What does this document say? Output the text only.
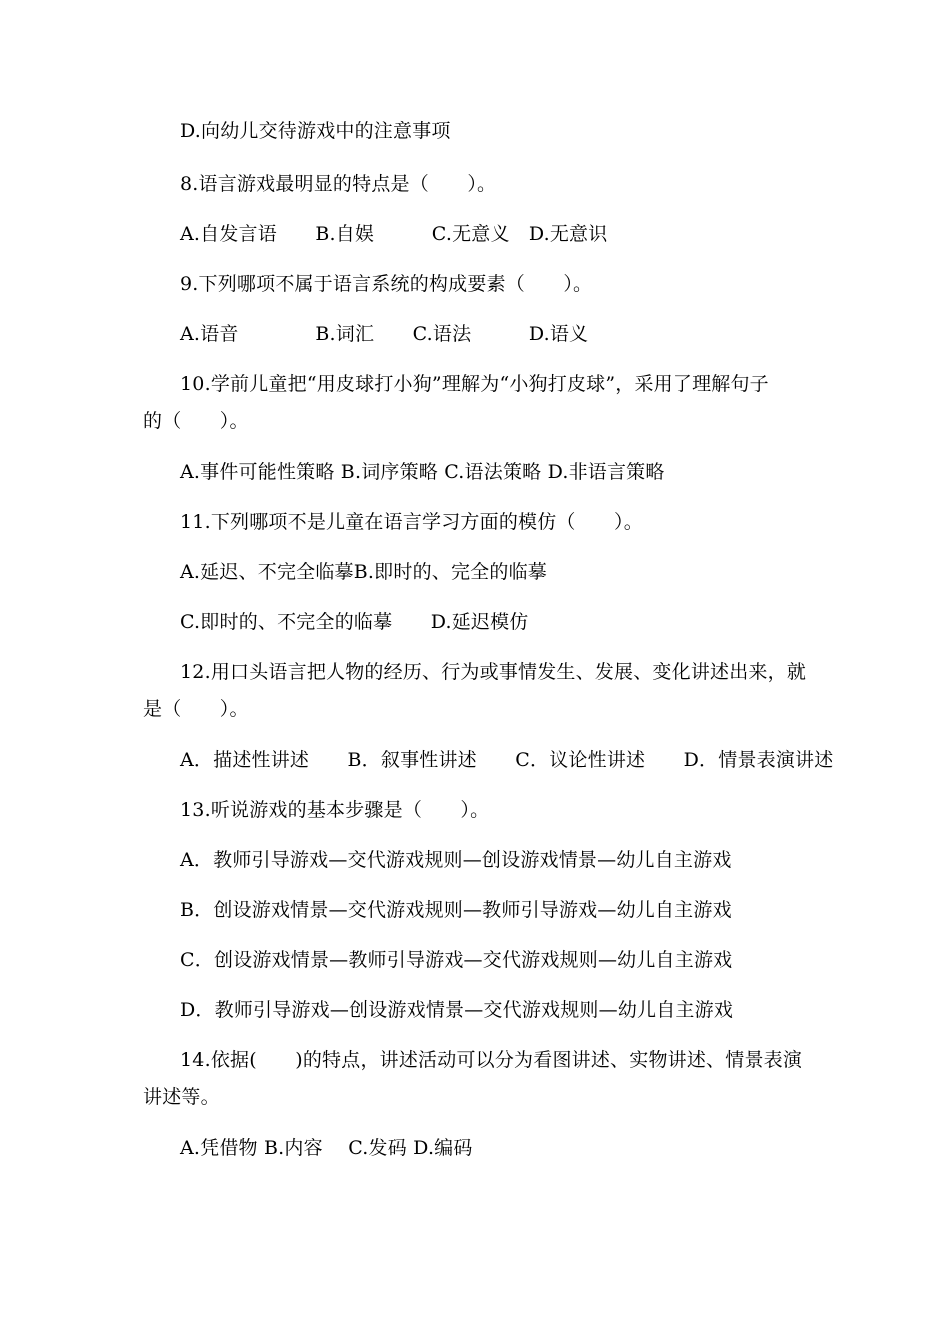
D.向幼儿交待游戏中的注意事项

8.语言游戏最明显的特点是（　　）。

A.自发言语　　B.自娱　　　C.无意义　D.无意识

9.下列哪项不属于语言系统的构成要素（　　）。

A.语音　　　　B.词汇　　C.语法　　　D.语义

10.学前儿童把“用皮球打小狗”理解为“小狗打皮球”，采用了理解句子

的（　　）。

A.事件可能性策略 B.词序策略 C.语法策略 D.非语言策略

11.下列哪项不是儿童在语言学习方面的模仿（　　）。

A.延迟、不完全临摹B.即时的、完全的临摹

C.即时的、不完全的临摹　　D.延迟模仿

12.用口头语言把人物的经历、行为或事情发生、发展、变化讲述出来，就

是（　　）。

A．描述性讲述　　B．叙事性讲述　　C．议论性讲述　　D．情景表演讲述

13.听说游戏的基本步骤是（　　）。

A．教师引导游戏—交代游戏规则—创设游戏情景—幼儿自主游戏

B．创设游戏情景—交代游戏规则—教师引导游戏—幼儿自主游戏

C．创设游戏情景—教师引导游戏—交代游戏规则—幼儿自主游戏

D．教师引导游戏—创设游戏情景—交代游戏规则—幼儿自主游戏

14.依据(　　)的特点，讲述活动可以分为看图讲述、实物讲述、情景表演

讲述等。

A.凭借物 B.内容　 C.发码 D.编码
